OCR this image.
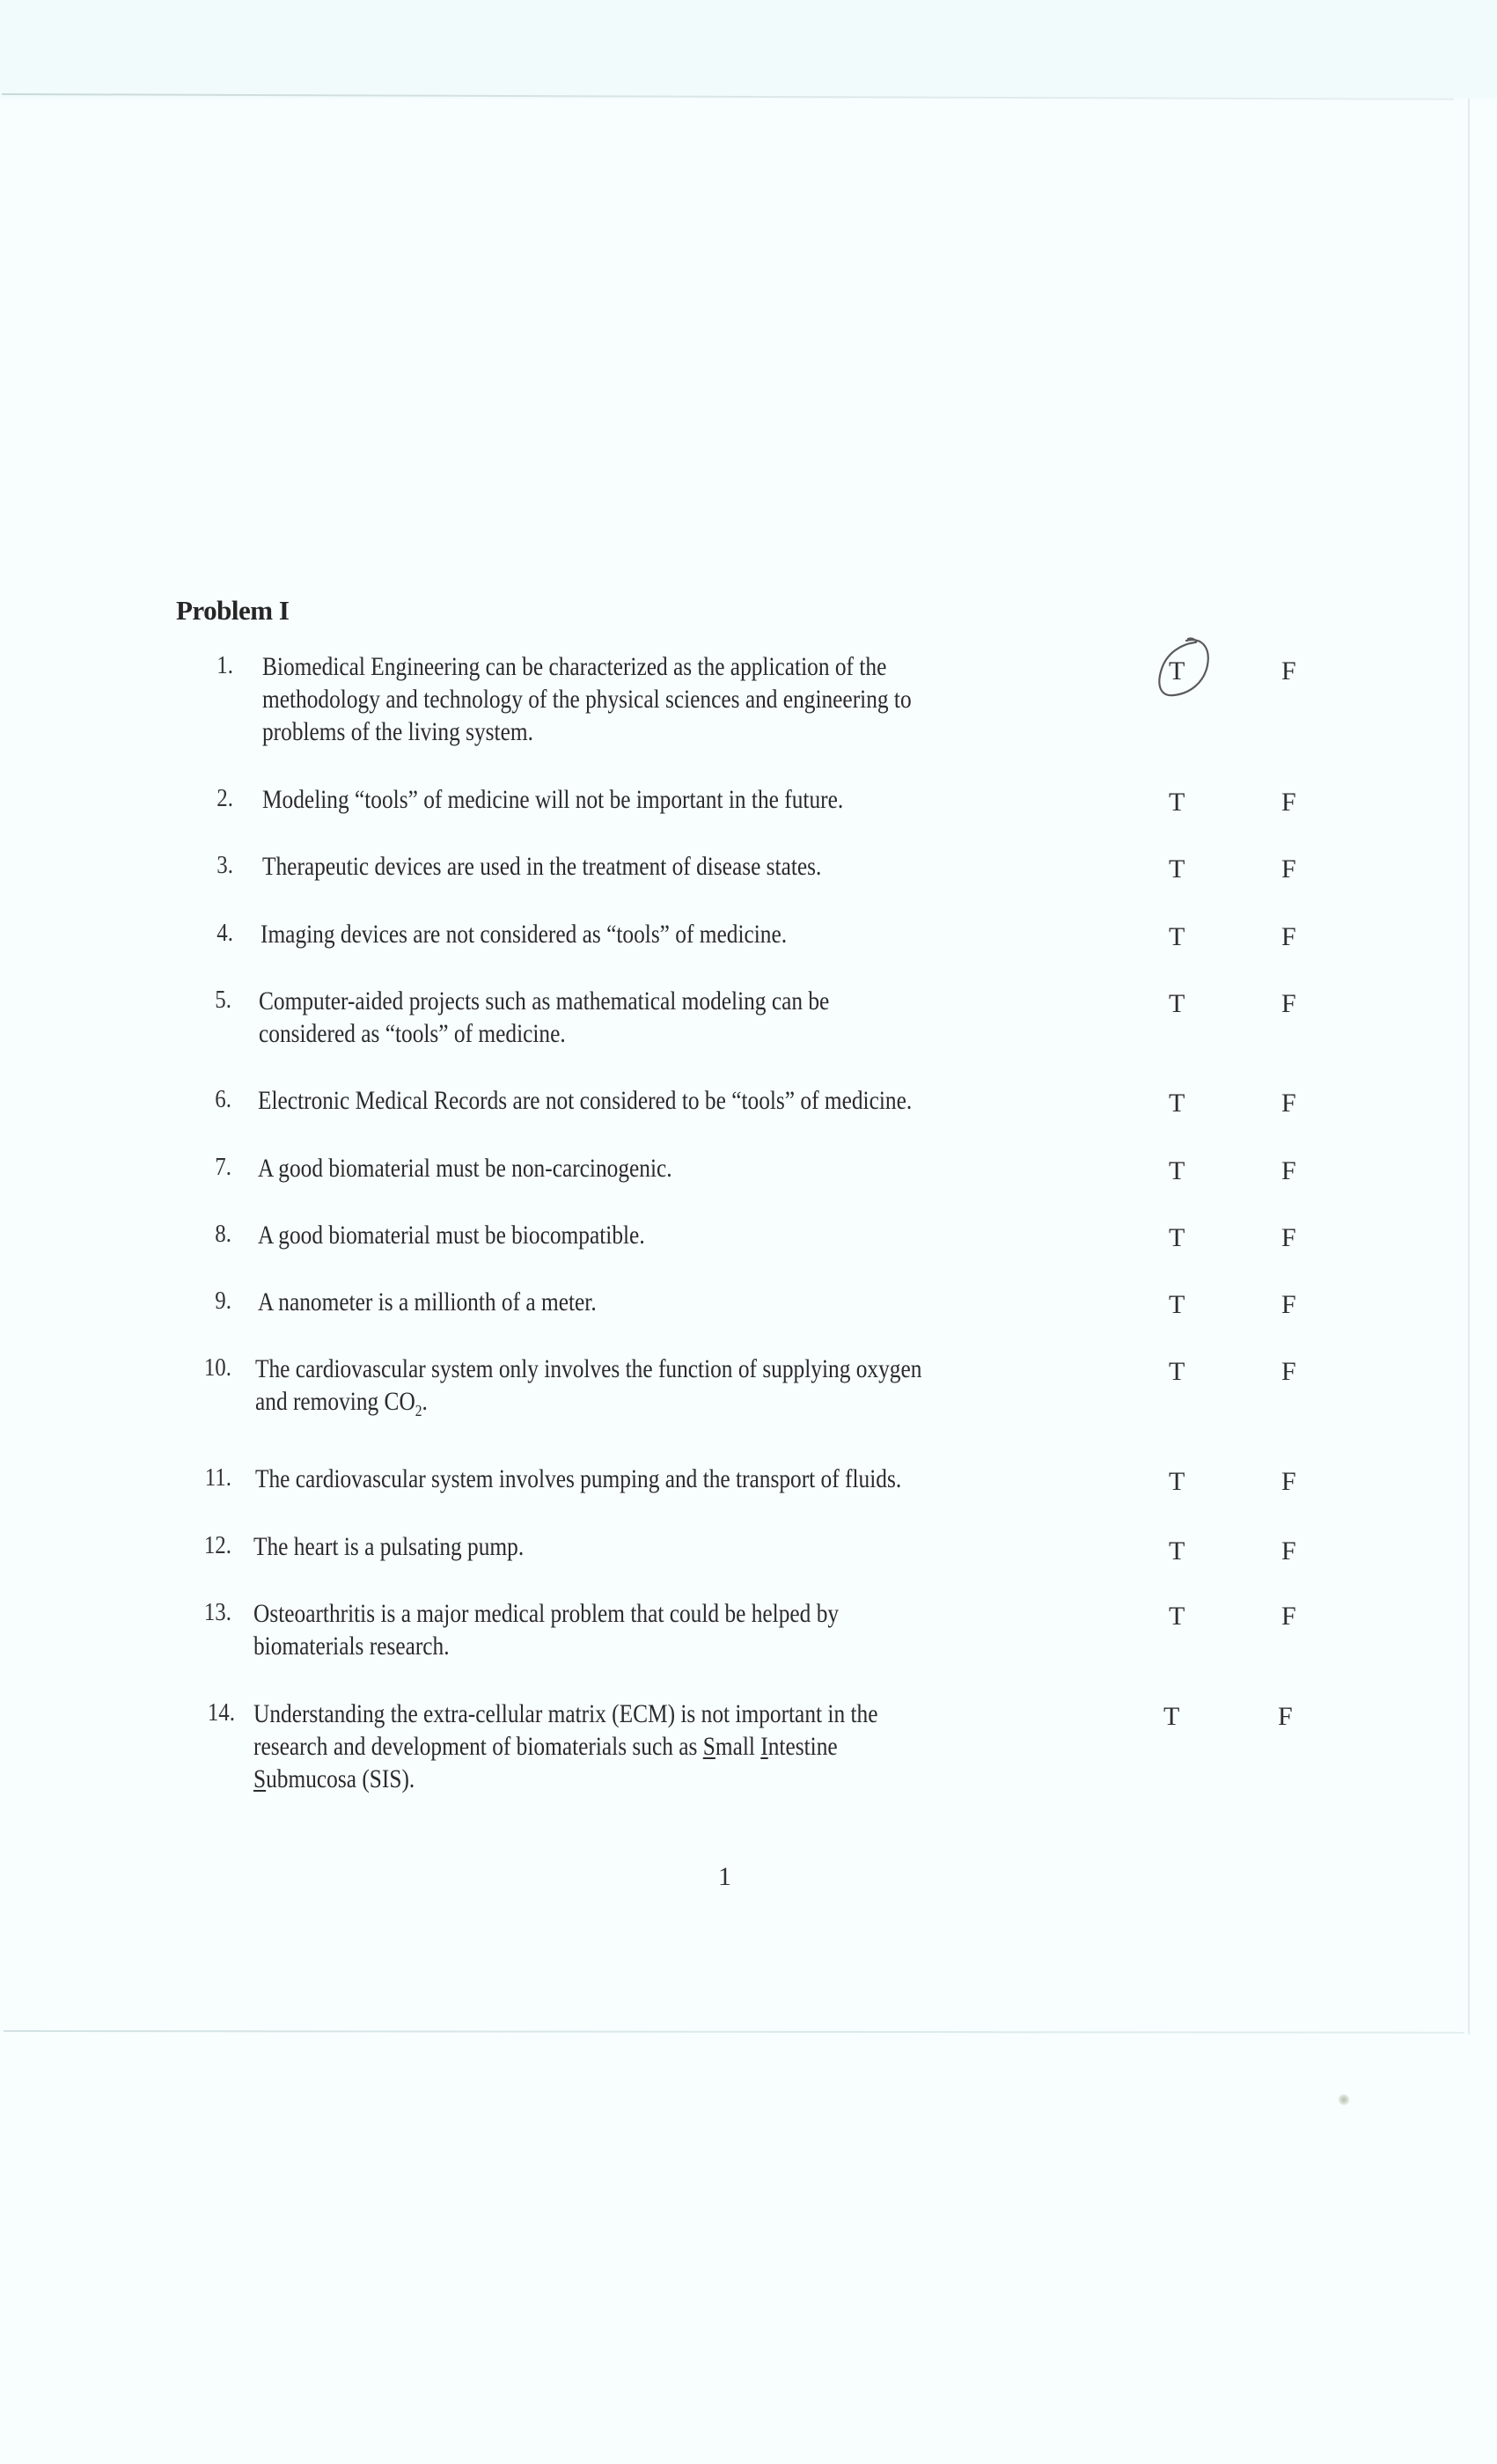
Problem I
1. Biomedical Engineering can be characterized as the application of the
methodology and technology of the physical sciences and engineering to
problems of the living system.
T	F
2. Modeling “tools” of medicine will not be important in the future.	T	F
3. Therapeutic devices are used in the treatment of disease states.	T	F
4. Imaging devices are not considered as “tools” of medicine.	T	F
5. Computer-aided projects such as mathematical modeling can be
considered as “tools” of medicine.
T	F
6. Electronic Medical Records are not considered to be “tools” of medicine.	T	F
7. A good biomaterial must be non-carcinogenic.	T	F
8. A good biomaterial must be biocompatible.	T	F
9. A nanometer is a millionth of a meter.	T	F
10. The cardiovascular system only involves the function of supplying oxygen
and removing $CO_2$.
T	F
11. The cardiovascular system involves pumping and the transport of fluids.	T	F
12. The heart is a pulsating pump.	T	F
13. Osteoarthritis is a major medical problem that could be helped by
biomaterials research.
T	F
14. Understanding the extra-cellular matrix (ECM) is not important in the
research and development of biomaterials such as Small Intestine
Submucosa (SIS).
T	F
1
